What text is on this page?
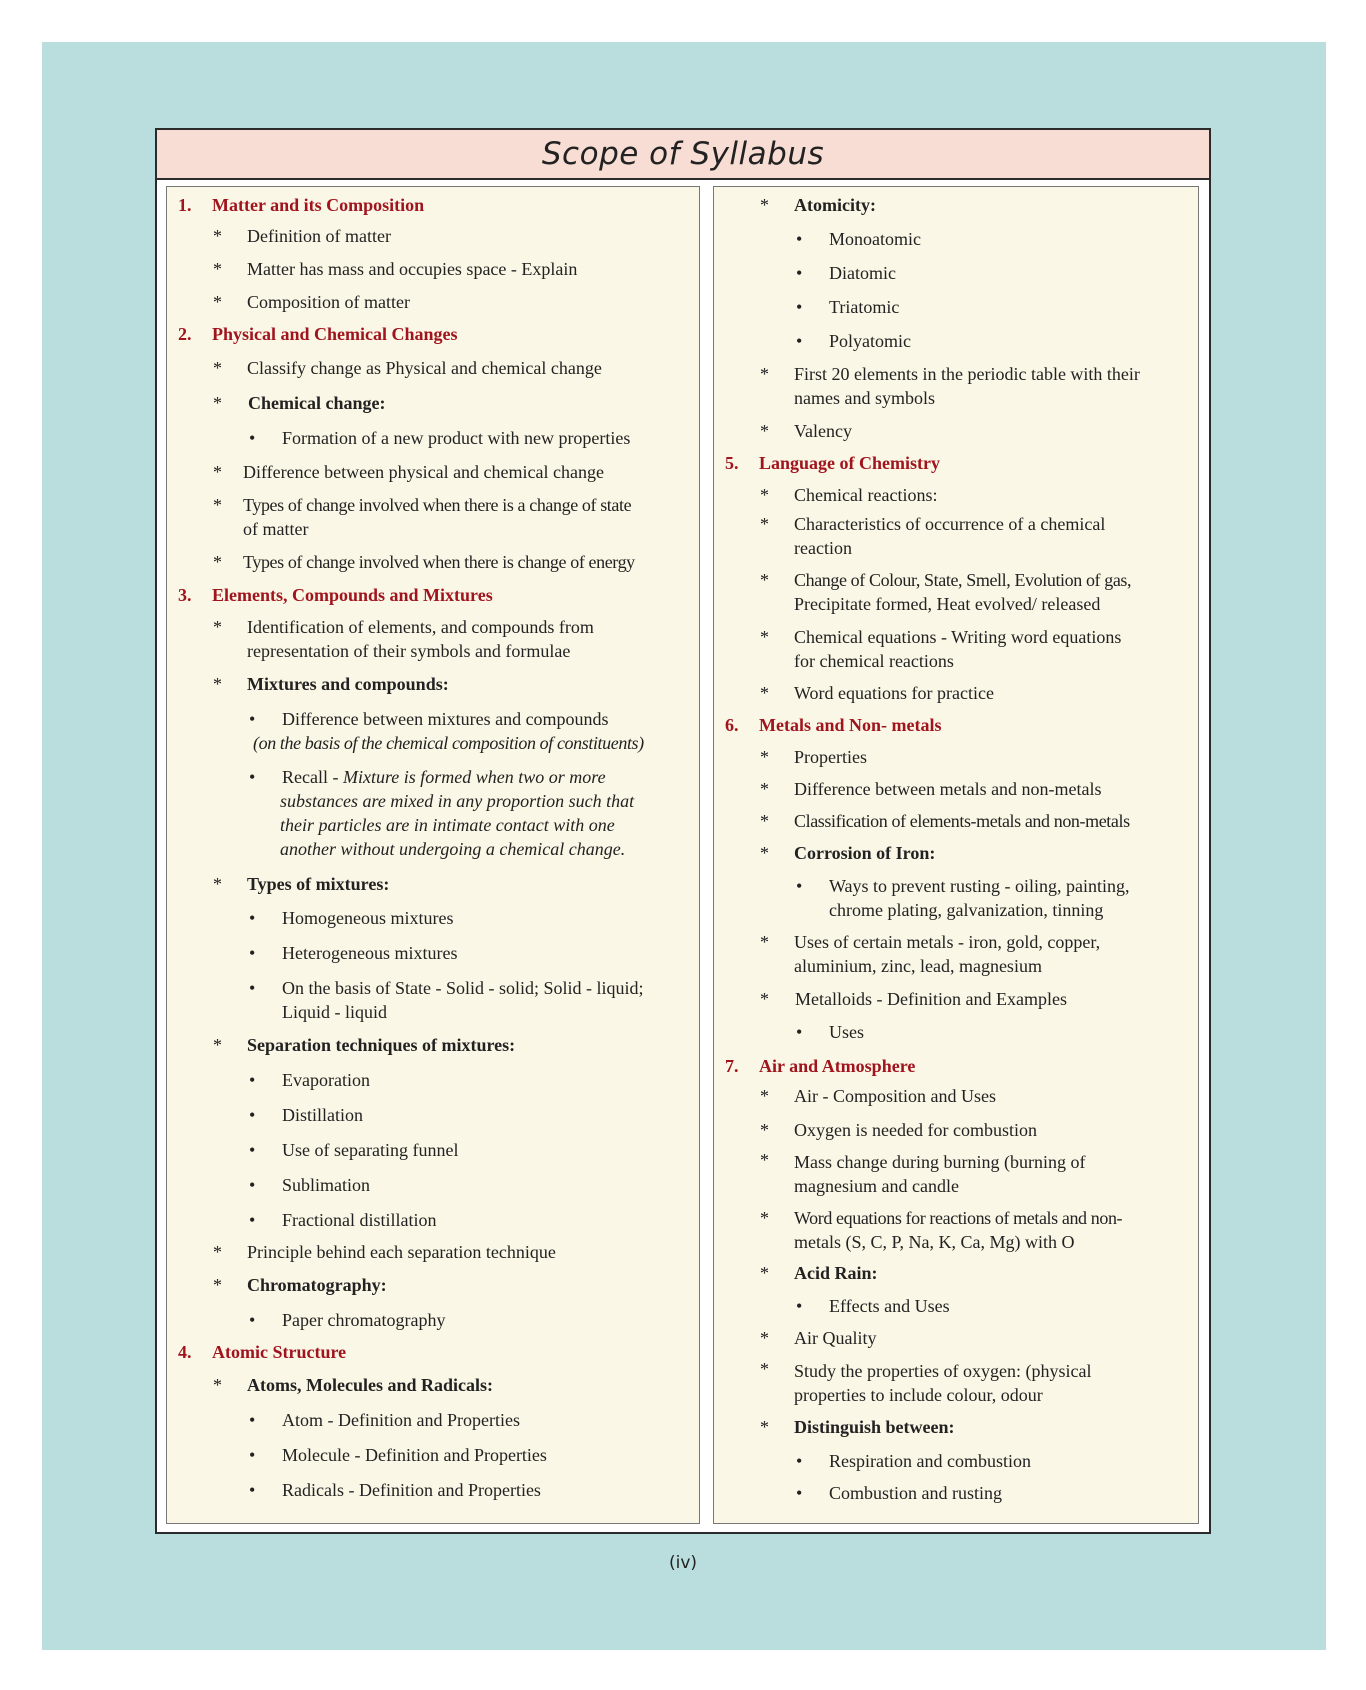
Scope of Syllabus
1. Matter and its Composition
* Definition of matter
* Matter has mass and occupies space - Explain
* Composition of matter
2. Physical and Chemical Changes
* Classify change as Physical and chemical change
* Chemical change:
• Formation of a new product with new properties
* Difference between physical and chemical change
* Types of change involved when there is a change of state
of matter
* Types of change involved when there is change of energy
3. Elements, Compounds and Mixtures
* Identification of elements, and compounds from
representation of their symbols and formulae
* Mixtures and compounds:
• Difference between mixtures and compounds
(on the basis of the chemical composition of constituents)
• Recall - Mixture is formed when two or more
substances are mixed in any proportion such that
their particles are in intimate contact with one
another without undergoing a chemical change.
* Types of mixtures:
• Homogeneous mixtures
• Heterogeneous mixtures
• On the basis of State - Solid - solid; Solid - liquid;
Liquid - liquid
* Separation techniques of mixtures:
• Evaporation
• Distillation
• Use of separating funnel
• Sublimation
• Fractional distillation
* Principle behind each separation technique
* Chromatography:
• Paper chromatography
4. Atomic Structure
* Atoms, Molecules and Radicals:
• Atom - Definition and Properties
• Molecule - Definition and Properties
• Radicals - Definition and Properties
* Atomicity:
• Monoatomic
• Diatomic
• Triatomic
• Polyatomic
* First 20 elements in the periodic table with their
names and symbols
* Valency
5. Language of Chemistry
* Chemical reactions:
* Characteristics of occurrence of a chemical
reaction
* Change of Colour, State, Smell, Evolution of gas,
Precipitate formed, Heat evolved/ released
* Chemical equations - Writing word equations
for chemical reactions
* Word equations for practice
6. Metals and Non- metals
* Properties
* Difference between metals and non-metals
* Classification of elements-metals and non-metals
* Corrosion of Iron:
• Ways to prevent rusting - oiling, painting,
chrome plating, galvanization, tinning
* Uses of certain metals - iron, gold, copper,
aluminium, zinc, lead, magnesium
* Metalloids - Definition and Examples
• Uses
7. Air and Atmosphere
* Air - Composition and Uses
* Oxygen is needed for combustion
* Mass change during burning (burning of
magnesium and candle
* Word equations for reactions of metals and non-
metals (S, C, P, Na, K, Ca, Mg) with O
* Acid Rain:
• Effects and Uses
* Air Quality
* Study the properties of oxygen: (physical
properties to include colour, odour
* Distinguish between:
• Respiration and combustion
• Combustion and rusting
(iv)
